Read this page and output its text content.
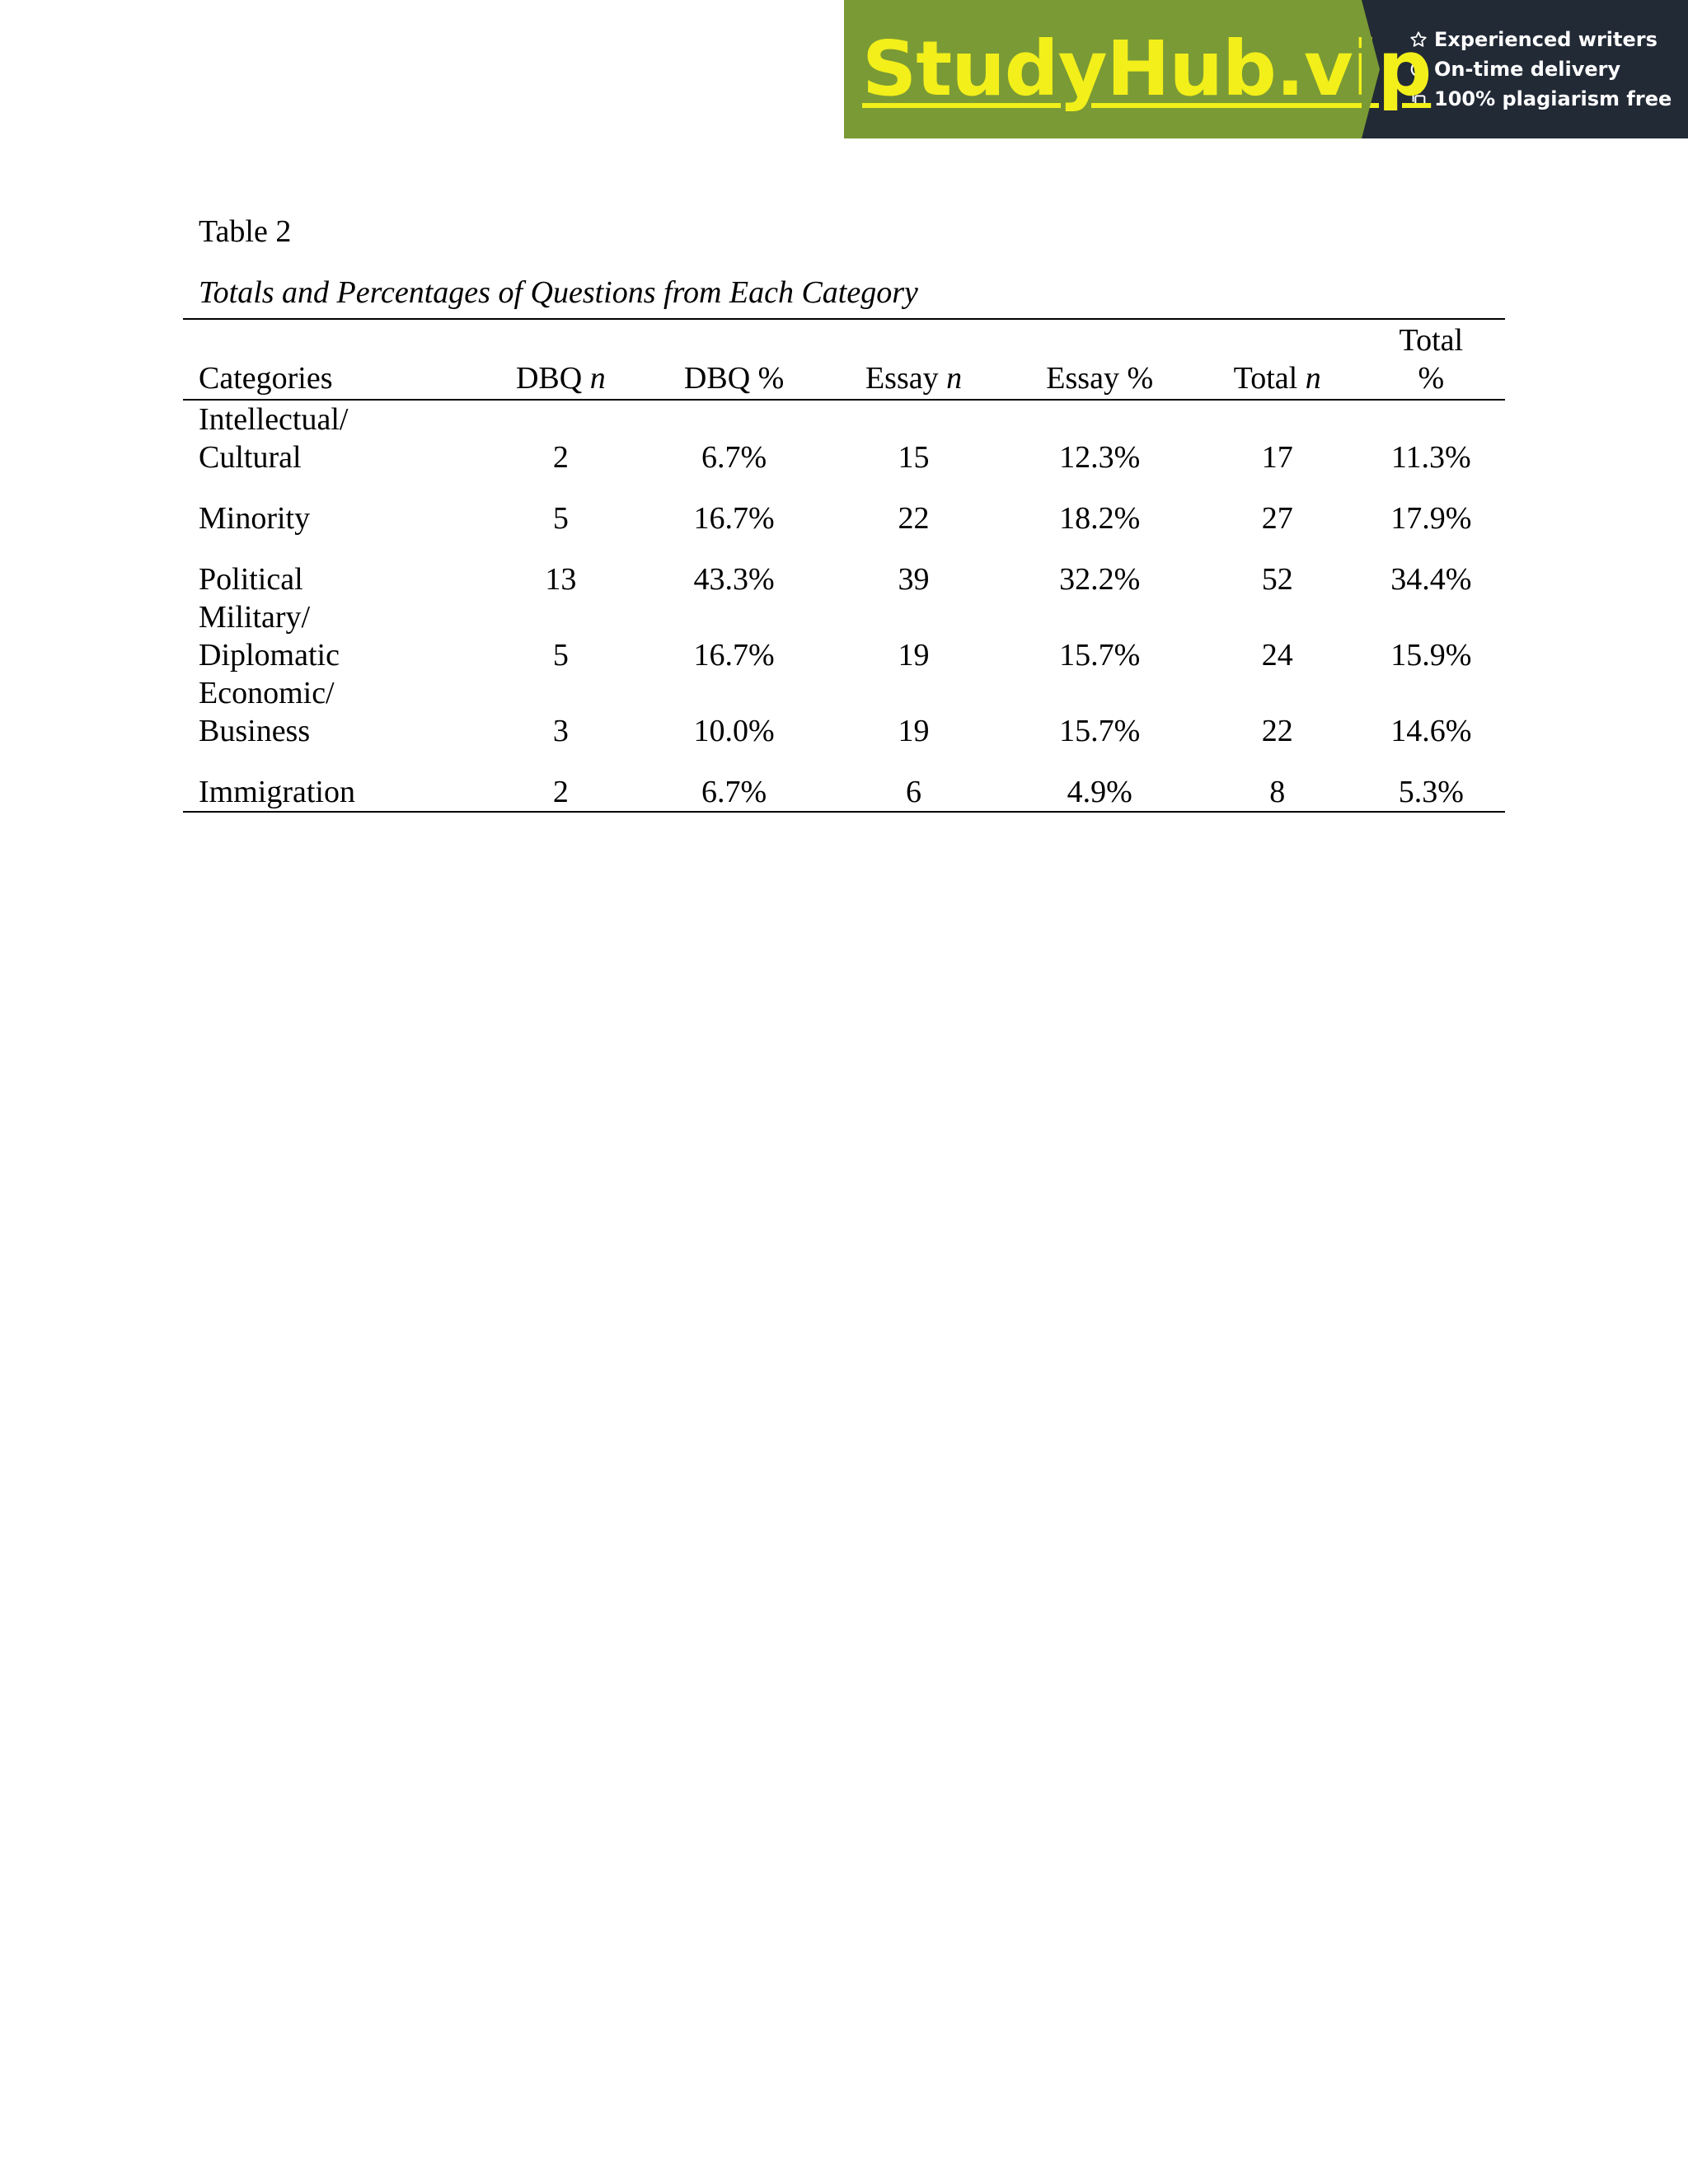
StudyHub.vip Experienced writers
On-time delivery
100% plagiarism free
Table 2
Totals and Percentages of Questions from Each Category
Categories	DBQ n	DBQ %	Essay n	Essay %	Total n	Total
%
Intellectual/
Cultural	2	6.7%	15	12.3%	17	11.3%
Minority	5	16.7%	22	18.2%	27	17.9%
Political	13	43.3%	39	32.2%	52	34.4%
Military/
Diplomatic	5	16.7%	19	15.7%	24	15.9%
Economic/
Business	3	10.0%	19	15.7%	22	14.6%
Immigration	2	6.7%	6	4.9%	8	5.3%
